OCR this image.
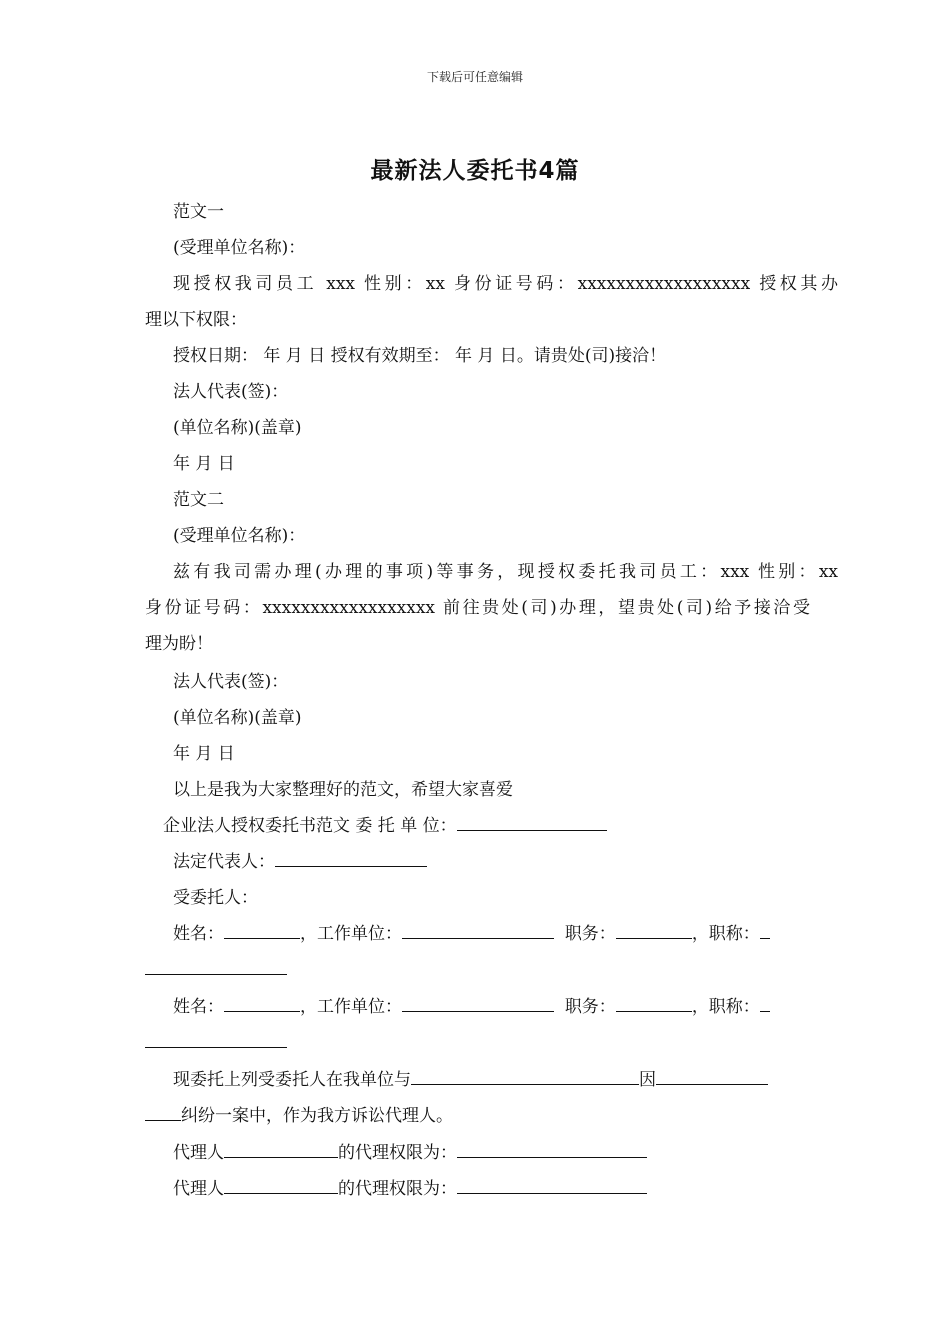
下载后可任意编辑
最新法人委托书4篇
范文一
(受理单位名称)：
现授权我司员工 xxx 性别：xx 身份证号码：xxxxxxxxxxxxxxxxxx 授权其办
理以下权限：
授权日期： 年 月 日 授权有效期至： 年 月 日。请贵处(司)接洽！
法人代表(签)：
(单位名称)(盖章)
年 月 日
范文二
(受理单位名称)：
兹有我司需办理(办理的事项)等事务，现授权委托我司员工：xxx 性别：xx
身份证号码：xxxxxxxxxxxxxxxxxx 前往贵处(司)办理，望贵处(司)给予接洽受
理为盼！
法人代表(签)：
(单位名称)(盖章)
年 月 日
以上是我为大家整理好的范文，希望大家喜爱
企业法人授权委托书范文 委 托 单 位：
法定代表人：
受委托人：
姓名：	，工作单位：	职务：	，职称：
姓名：	，工作单位：	职务：	，职称：
现委托上列受委托人在我单位与	因
纠纷一案中，作为我方诉讼代理人。
代理人	的代理权限为：
代理人	的代理权限为：
